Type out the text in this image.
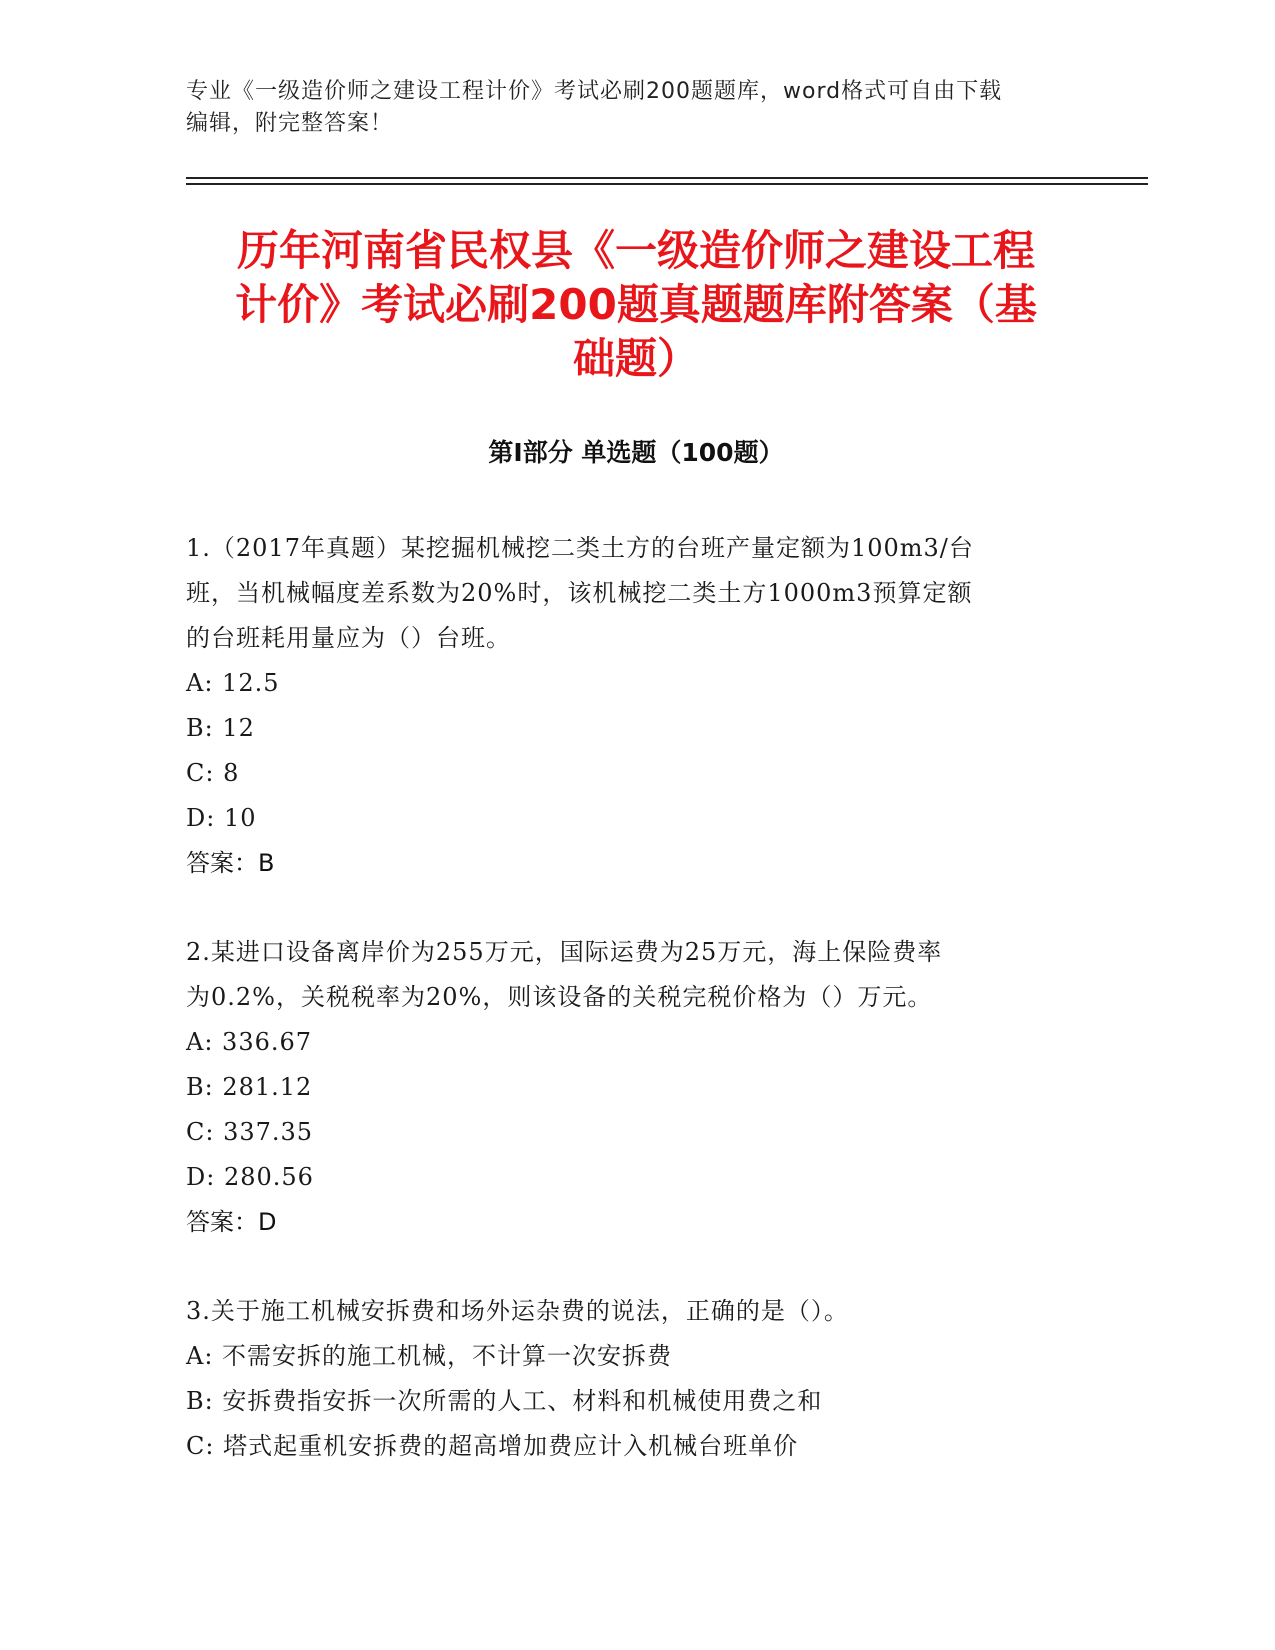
专业《一级造价师之建设工程计价》考试必刷200题题库，word格式可自由下载
编辑，附完整答案！
历年河南省民权县《一级造价师之建设工程
计价》考试必刷200题真题题库附答案（基
础题）
第Ⅰ部分 单选题（100题）
1.（2017年真题）某挖掘机械挖二类土方的台班产量定额为100m3/台
班，当机械幅度差系数为20%时，该机械挖二类土方1000m3预算定额
的台班耗用量应为（）台班。
A: 12.5
B: 12
C: 8
D: 10
答案：B
2.某进口设备离岸价为255万元，国际运费为25万元，海上保险费率
为0.2%，关税税率为20%，则该设备的关税完税价格为（）万元。
A: 336.67
B: 281.12
C: 337.35
D: 280.56
答案：D
3.关于施工机械安拆费和场外运杂费的说法，正确的是（）。
A: 不需安拆的施工机械，不计算一次安拆费
B: 安拆费指安拆一次所需的人工、材料和机械使用费之和
C: 塔式起重机安拆费的超高增加费应计入机械台班单价
